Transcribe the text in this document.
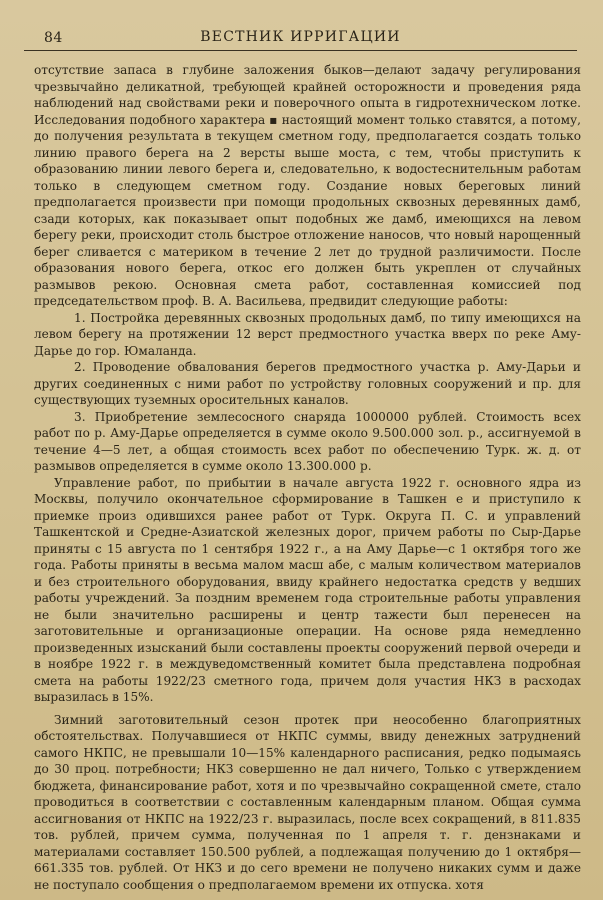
84	ВЕСТНИК ИРРИГАЦИИ

отсутствие запаса в глубине заложения быков—делают задачу регулирования чрезвычайно деликатной, требующей крайней осторожности и проведения ряда наблюдений над свойствами реки и поверочного опыта в гидротехническом лотке. Исследования подобного характера ▪ настоящий момент только ставятся, а потому, до получения результата в текущем сметном году, предполагается создать только линию правого берега на 2 версты выше моста, с тем, чтобы приступить к образованию линии левого берега и, следовательно, к водостеснительным работам только в следующем сметном году. Создание новых береговых линий предполагается произвести при помощи продольных сквозных деревянных дамб, сзади которых, как показывает опыт подобных же дамб, имеющихся на левом берегу реки, происходит столь быстрое отложение наносов, что новый нарощенный берег сливается с материком в течение 2 лет до трудной различимости. После образования нового берега, откос его должен быть укреплен от случайных размывов рекою. Основная смета работ, составленная комиссией под председательством проф. В. А. Васильева, предвидит следующие работы:

1. Постройка деревянных сквозных продольных дамб, по типу имеющихся на левом берегу на протяжении 12 верст предмостного участка вверх по реке Аму-Дарье до гор. Юмаланда.

2. Проводение обвалования берегов предмостного участка р. Аму-Дарьи и других соединенных с ними работ по устройству головных сооружений и пр. для существующих туземных оросительных каналов.

3. Приобретение землесосного снаряда 1000000 рублей. Стоимость всех работ по р. Аму-Дарье определяется в сумме около 9.500.000 зол. р., ассигнуемой в течение 4—5 лет, а общая стоимость всех работ по обеспечению Турк. ж. д. от размывов определяется в сумме около 13.300.000 р.

Управление работ, по прибытии в начале августа 1922 г. основного ядра из Москвы, получило окончательное сформирование в Ташкен е и приступило к приемке произ одившихся ранее работ от Турк. Округа П. С. и управлений Ташкентской и Средне-Азиатской железных дорог, причем работы по Сыр-Дарье приняты с 15 августа по 1 сентября 1922 г., а на Аму Дарье—с 1 октября того же года. Работы приняты в весьма малом масш абе, с малым количеством материалов и без строительного оборудования, ввиду крайнего недостатка средств у ведших работы учреждений. За поздним временем года строительные работы управления не были значительно расширены и центр тажести был перенесен на заготовительные и организационые операции. На основе ряда немедленно произведенных изысканий были составлены проекты сооружений первой очереди и в ноябре 1922 г. в междуведомственный комитет была представлена подробная смета на работы 1922/23 сметного года, причем доля участия НКЗ в расходах выразилась в 15%.

Зимний заготовительный сезон протек при неособенно благоприятных обстоятельствах. Получавшиеся от НКПС суммы, ввиду денежных затруднений самого НКПС, не превышали 10—15% календарного расписания, редко подымаясь до 30 проц. потребности; НКЗ совершенно не дал ничего, Только с утверждением бюджета, финансирование работ, хотя и по чрезвычайно сокращенной смете, стало проводиться в соответствии с составленным календарным планом. Общая сумма ассигнования от НКПС на 1922/23 г. выразилась, после всех сокращений, в 811.835 тов. рублей, причем сумма, полученная по 1 апреля т. г. дензнаками и материалами составляет 150.500 рублей, а подлежащая получению до 1 октября—661.335 тов. рублей. От НКЗ и до сего времени не получено никаких сумм и даже не поступало сообщения о предполагаемом времени их отпуска. хотя
